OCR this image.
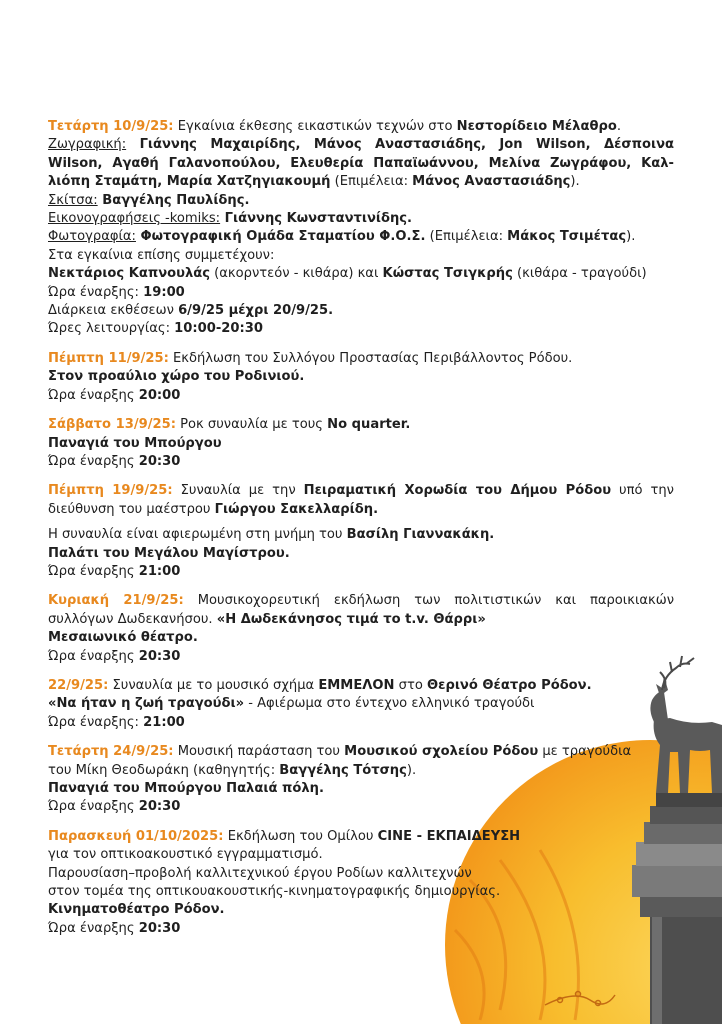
Τετάρτη 10/9/25: Εγκαίνια έκθεσης εικαστικών τεχνών στο Νεστορίδειο Μέλαθρο.
Ζωγραφική: Γιάννης Μαχαιρίδης, Μάνος Αναστασιάδης, Jon Wilson, Δέσποινα
Wilson, Αγαθή Γαλανοπούλου, Ελευθερία Παπαϊωάννου, Μελίνα Ζωγράφου, Καλ-
λιόπη Σταμάτη, Μαρία Χατζηγιακουμή (Επιμέλεια: Μάνος Αναστασιάδης).
Σκίτσα: Βαγγέλης Παυλίδης.
Εικονογραφήσεις -komiks: Γιάννης Κωνσταντινίδης.
Φωτογραφία: Φωτογραφική Ομάδα Σταματίου Φ.Ο.Σ. (Επιμέλεια: Μάκος Τσιμέτας).
Στα εγκαίνια επίσης συμμετέχουν:
Νεκτάριος Καπνουλάς (ακορντεόν - κιθάρα) και Κώστας Τσιγκρής (κιθάρα - τραγούδι)
Ώρα έναρξης: 19:00
Διάρκεια εκθέσεων 6/9/25 μέχρι 20/9/25.
Ώρες λειτουργίας: 10:00-20:30
Πέμπτη 11/9/25: Εκδήλωση του Συλλόγου Προστασίας Περιβάλλοντος Ρόδου.
Στον προαύλιο χώρο του Ροδινιού.
Ώρα έναρξης 20:00
Σάββατο 13/9/25: Ροκ συναυλία με τους No quarter.
Παναγιά του Μπούργου
Ώρα έναρξης 20:30
Πέμπτη 19/9/25: Συναυλία με την Πειραματική Χορωδία του Δήμου Ρόδου υπό την
διεύθυνση του μαέστρου Γιώργου Σακελλαρίδη.
Η συναυλία είναι αφιερωμένη στη μνήμη του Βασίλη Γιαννακάκη.
Παλάτι του Μεγάλου Μαγίστρου.
Ώρα έναρξης 21:00
Κυριακή 21/9/25: Μουσικοχορευτική εκδήλωση των πολιτιστικών και παροικιακών
συλλόγων Δωδεκανήσου. «Η Δωδεκάνησος τιμά το t.v. Θάρρι»
Μεσαιωνικό θέατρο.
Ώρα έναρξης 20:30
22/9/25: Συναυλία με το μουσικό σχήμα ΕΜΜΕΛΟΝ στο Θερινό Θέατρο Ρόδον.
«Να ήταν η ζωή τραγούδι» - Αφιέρωμα στο έντεχνο ελληνικό τραγούδι
Ώρα έναρξης: 21:00
Τετάρτη 24/9/25: Μουσική παράσταση του Μουσικού σχολείου Ρόδου με τραγούδια
του Μίκη Θεοδωράκη (καθηγητής: Βαγγέλης Τότσης).
Παναγιά του Μπούργου Παλαιά πόλη.
Ώρα έναρξης 20:30
Παρασκευή 01/10/2025: Εκδήλωση του Ομίλου CINE - ΕΚΠΑΙΔΕΥΣΗ
για τον οπτικοακουστικό εγγραμματισμό.
Παρουσίαση–προβολή καλλιτεχνικού έργου Ροδίων καλλιτεχνών
στον τομέα της οπτικουακουστικής-κινηματογραφικής δημιουργίας.
Κινηματοθέατρο Ρόδον.
Ώρα έναρξης 20:30
